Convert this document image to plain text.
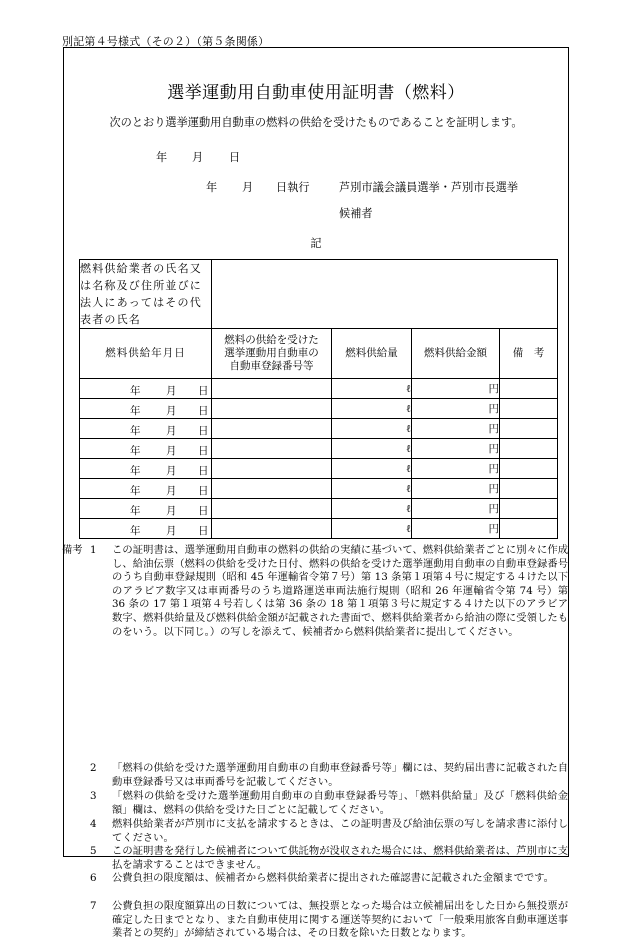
別記第４号様式（その２）（第５条関係）
選挙運動用自動車使用証明書（燃料）
次のとおり選挙運動用自動車の燃料の供給を受けたものであることを証明します。
年 月 日
年 月 日執行	芦別市議会議員選挙・芦別市長選挙
候補者
記
燃料供給業者の氏名又は名称及び住所並びに法人にあってはその代表者の氏名				
燃料供給年月日	燃料の供給を受けた
選挙運動用自動車の
自動車登録番号等	燃料供給量	燃料供給金額	備　考

年 月 日		ℓ	円	

年 月 日		ℓ	円	

年 月 日		ℓ	円	

年 月 日		ℓ	円	

年 月 日		ℓ	円	

年 月 日		ℓ	円	

年 月 日		ℓ	円	

年 月 日		ℓ	円	
備考 1 この証明書は、選挙運動用自動車の燃料の供給の実績に基づいて、燃料供給業者ごとに別々に作成し、給油伝票（燃料の供給を受けた日付、燃料の供給を受けた選挙運動用自動車の自動車登録番号のうち自動車登録規則（昭和 45 年運輸省令第７号）第 13 条第１項第４号に規定する４けた以下のアラビア数字又は車両番号のうち道路運送車両法施行規則（昭和 26 年運輸省令第 74 号）第 36 条の 17 第１項第４号若しくは第 36 条の 18 第１項第３号に規定する４けた以下のアラビア数字、燃料供給量及び燃料供給金額が記載された書面で、燃料供給業者から給油の際に受領したものをいう。以下同じ。）の写しを添えて、候補者から燃料供給業者に提出してください。
2 「燃料の供給を受けた選挙運動用自動車の自動車登録番号等」欄には、契約届出書に記載された自動車登録番号又は車両番号を記載してください。
3 「燃料の供給を受けた選挙運動用自動車の自動車登録番号等」、「燃料供給量」及び「燃料供給金額」欄は、燃料の供給を受けた日ごとに記載してください。
4 燃料供給業者が芦別市に支払を請求するときは、この証明書及び給油伝票の写しを請求書に添付してください。
5 この証明書を発行した候補者について供託物が没収された場合には、燃料供給業者は、芦別市に支払を請求することはできません。
6 公費負担の限度額は、候補者から燃料供給業者に提出された確認書に記載された金額までです。
7 公費負担の限度額算出の日数については、無投票となった場合は立候補届出をした日から無投票が確定した日までとなり、また自動車使用に関する運送等契約において「一般乗用旅客自動車運送事業者との契約」が締結されている場合は、その日数を除いた日数となります。
